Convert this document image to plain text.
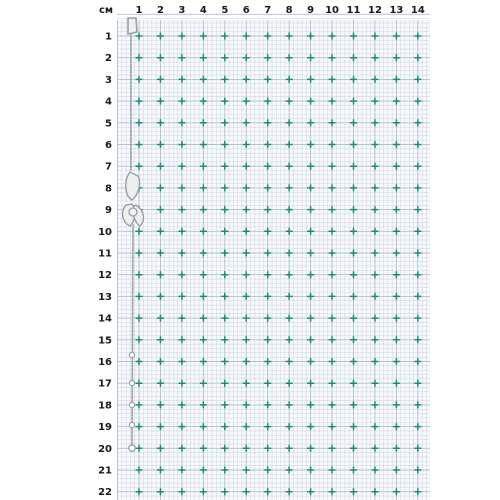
см 1 2 3 4 5 6 7 8 9 10 11 12 13 14
1
2
3
4
5
6
7
8
9
10
11
12
13
14
15
16
17
18
19
20
21
22
